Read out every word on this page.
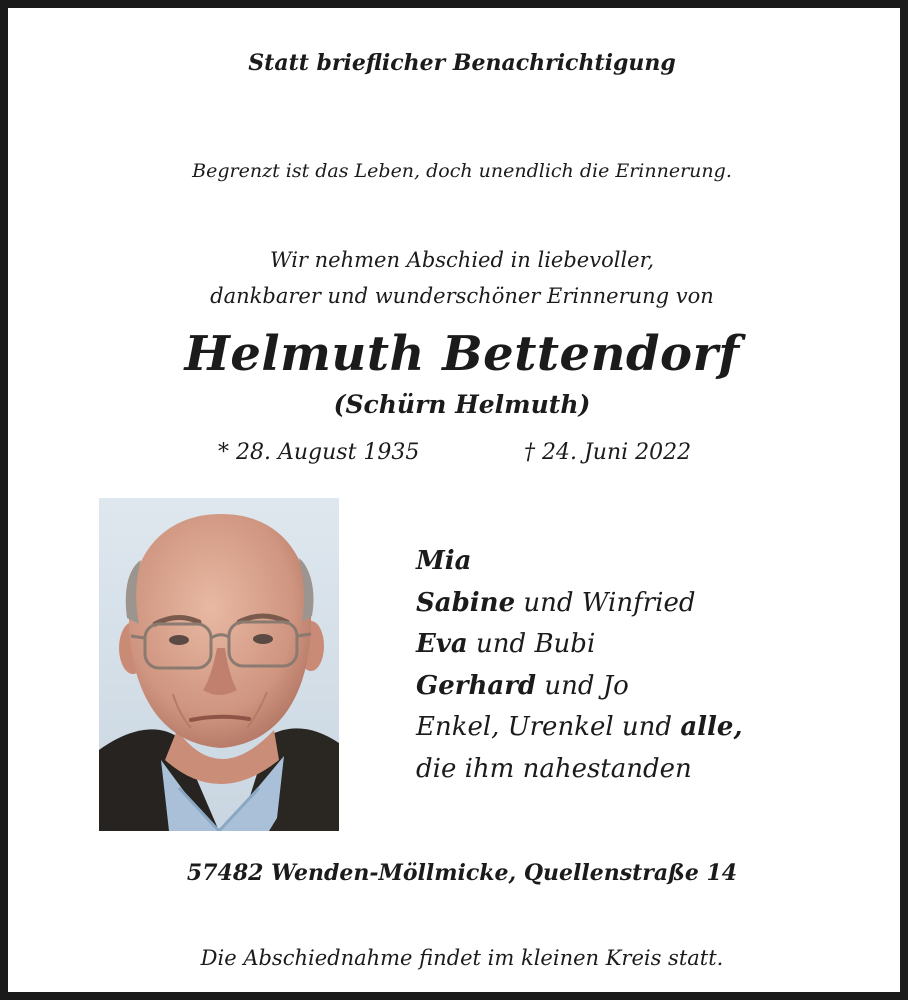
Statt brieflicher Benachrichtigung
Begrenzt ist das Leben, doch unendlich die Erinnerung.
Wir nehmen Abschied in liebevoller,
dankbarer und wunderschöner Erinnerung von
Helmuth Bettendorf
(Schürn Helmuth)
* 28. August 1935	† 24. Juni 2022
Mia
Sabine und Winfried
Eva und Bubi
Gerhard und Jo
Enkel, Urenkel und alle,
die ihm nahestanden
57482 Wenden-Möllmicke, Quellenstraße 14
Die Abschiednahme findet im kleinen Kreis statt.
